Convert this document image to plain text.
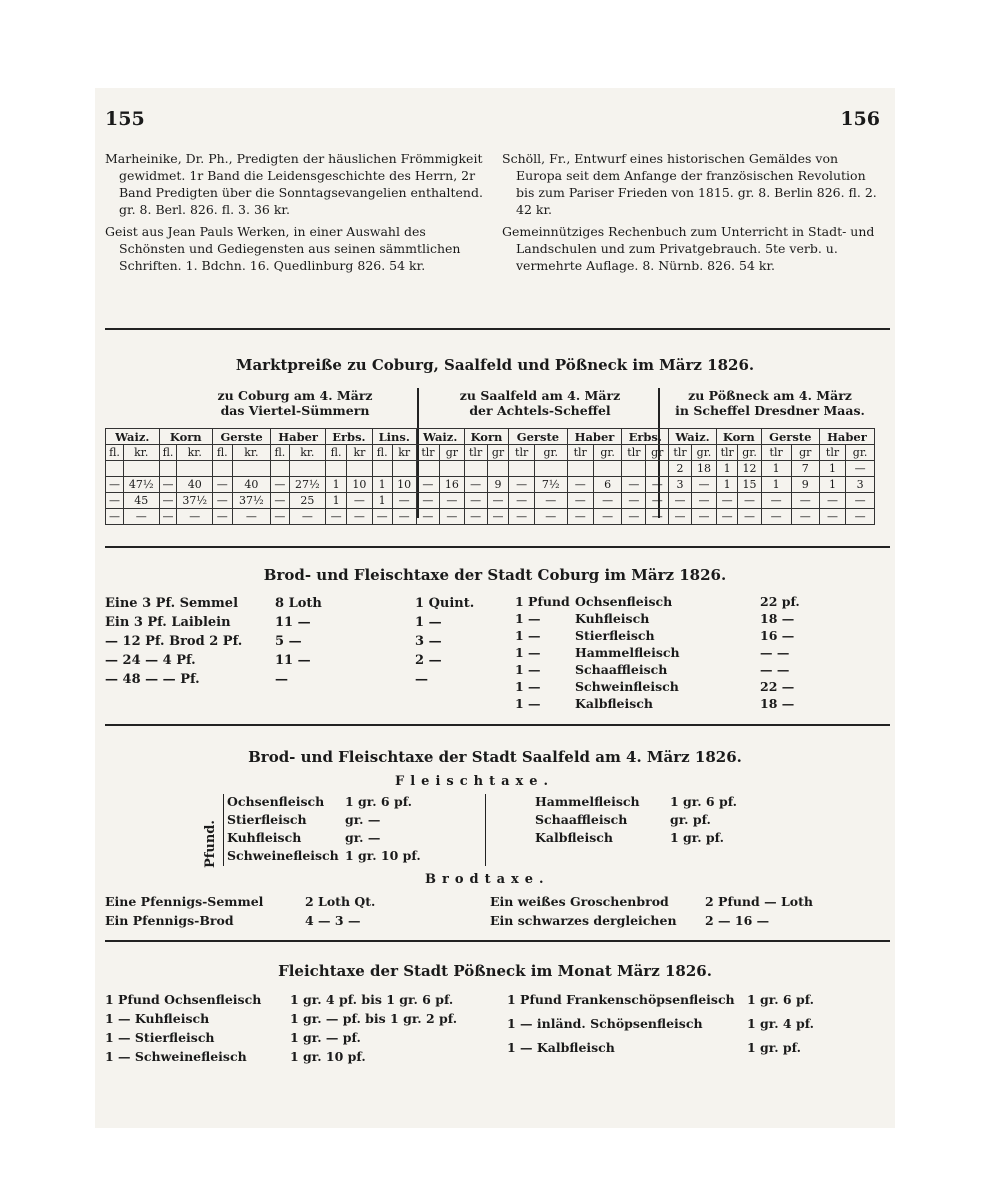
155	156

Marheinike, Dr. Ph., Predigten der häuslichen Frömmigkeit gewidmet. 1r Band die Leidensgeschichte des Herrn, 2r Band Predigten über die Sonntagsevangelien enthaltend. gr. 8. Berl. 826. fl. 3. 36 kr.

Geist aus Jean Pauls Werken, in einer Auswahl des Schönsten und Gediegensten aus seinen sämmtlichen Schriften. 1. Bdchn. 16. Quedlinburg 826. 54 kr.

Schöll, Fr., Entwurf eines historischen Gemäldes von Europa seit dem Anfange der französischen Revolution bis zum Pariser Frieden von 1815. gr. 8. Berlin 826. fl. 2. 42 kr.

Gemeinnütziges Rechenbuch zum Unterricht in Stadt- und Landschulen und zum Privatgebrauch. 5te verb. u. vermehrte Auflage. 8. Nürnb. 826. 54 kr.

Marktpreiße zu Coburg, Saalfeld und Pößneck im März 1826.
zu Coburg am 4. März
das Viertel-Sümmern
zu Saalfeld am 4. März
der Achtels-Scheffel
zu Pößneck am 4. März
in Scheffel Dresdner Maas.
Waiz.		Korn		Gerste		Haber		Erbs.		Lins.		Waiz.		Korn		Gerste		Haber		Erbs.		Waiz.		Korn		Gerste		Haber	
fl.	kr.	fl.	kr.	fl.	kr.	fl.	kr.	fl.	kr	fl.	kr	tlr	gr	tlr	gr	tlr	gr.	tlr	gr.	tlr	gr	tlr	gr.	tlr	gr.	tlr	gr	tlr	gr.
																						2	18	1	12	1	7	1	—
—	47½	—	40	—	40	—	27½	1	10	1	10	—	16	—	9	—	7½	—	6	—	—	3	—	1	15	1	9	1	3
—	45	—	37½	—	37½	—	25	1	—	1	—	—	—	—	—	—	—	—	—	—	—	—	—	—	—	—	—	—	—
—	—	—	—	—	—	—	—	—	—	—	—	—	—	—	—	—	—	—	—	—	—	—	—	—	—	—	—	—	—
Brod- und Fleischtaxe der Stadt Coburg im März 1826.
Eine 3 Pf. Semmel	8 Loth	1 Quint.
Ein 3 Pf. Laiblein	11 —	1 —
— 12 Pf. Brod 2 Pf.	5 —	3 —
— 24 — 4 Pf.	11 —	2 —
— 48 — — Pf.	—	—
1 Pfund Ochsenfleisch	22 pf.
1 —	Kuhfleisch	18 —
1 —	Stierfleisch	16 —
1 —	Hammelfleisch	— —
1 —	Schaaffleisch	— —
1 —	Schweinfleisch	22 —
1 —	Kalbfleisch	18 —
Brod- und Fleischtaxe der Stadt Saalfeld am 4. März 1826.
Fleischtaxe.
Pfund.
Ochsenfleisch 1 gr. 6 pf.
Stierfleisch	gr. —
Kuhfleisch	gr. —
Schweinefleisch 1 gr. 10 pf.
Hammelfleisch 1 gr. 6 pf.
Schaaffleisch	gr. pf.
Kalbfleisch	1 gr. pf.
Brodtaxe.
Eine Pfennigs-Semmel	2 Loth Qt.
Ein Pfennigs-Brod	4 — 3 —
Ein weißes Groschenbrod	2 Pfund — Loth
Ein schwarzes dergleichen 2 — 16 —
Fleichtaxe der Stadt Pößneck im Monat März 1826.
1 Pfund Ochsenfleisch 1 gr. 4 pf. bis 1 gr. 6 pf.
1 — Kuhfleisch	1 gr. — pf. bis 1 gr. 2 pf.
1 — Stierfleisch	1 gr. — pf.
1 — Schweinefleisch	1 gr. 10 pf.
1 Pfund Frankenschöpsenfleisch 1 gr. 6 pf.
1 — inländ. Schöpsenfleisch	1 gr. 4 pf.
1 — Kalbfleisch	1 gr. pf.
